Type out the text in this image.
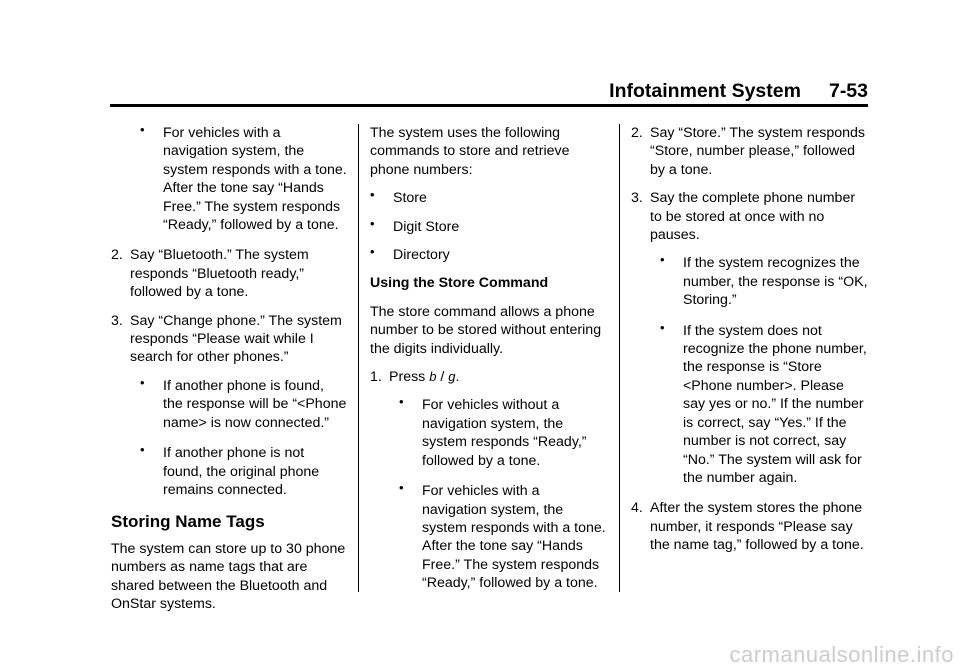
Infotainment System 7-53
• For vehicles with a navigation system, the system responds with a tone. After the tone say “Hands Free.” The system responds “Ready,” followed by a tone.

2. Say “Bluetooth.” The system responds “Bluetooth ready,” followed by a tone.

3. Say “Change phone.” The system responds “Please wait while I search for other phones.”

• If another phone is found, the response will be “<Phone name> is now connected.”

• If another phone is not found, the original phone remains connected.

Storing Name Tags

The system can store up to 30 phone numbers as name tags that are shared between the Bluetooth and OnStar systems.

The system uses the following commands to store and retrieve phone numbers:

• Store

• Digit Store

• Directory

Using the Store Command

The store command allows a phone number to be stored without entering the digits individually.

1. Press b / g.

• For vehicles without a navigation system, the system responds “Ready,” followed by a tone.

• For vehicles with a navigation system, the system responds with a tone. After the tone say “Hands Free.” The system responds “Ready,” followed by a tone.

2. Say “Store.” The system responds “Store, number please,” followed by a tone.

3. Say the complete phone number to be stored at once with no pauses.

• If the system recognizes the number, the response is “OK, Storing.”

• If the system does not recognize the phone number, the response is “Store <Phone number>. Please say yes or no.” If the number is correct, say “Yes.” If the number is not correct, say “No.” The system will ask for the number again.

4. After the system stores the phone number, it responds “Please say the name tag,” followed by a tone.

carmanualsonline.info
